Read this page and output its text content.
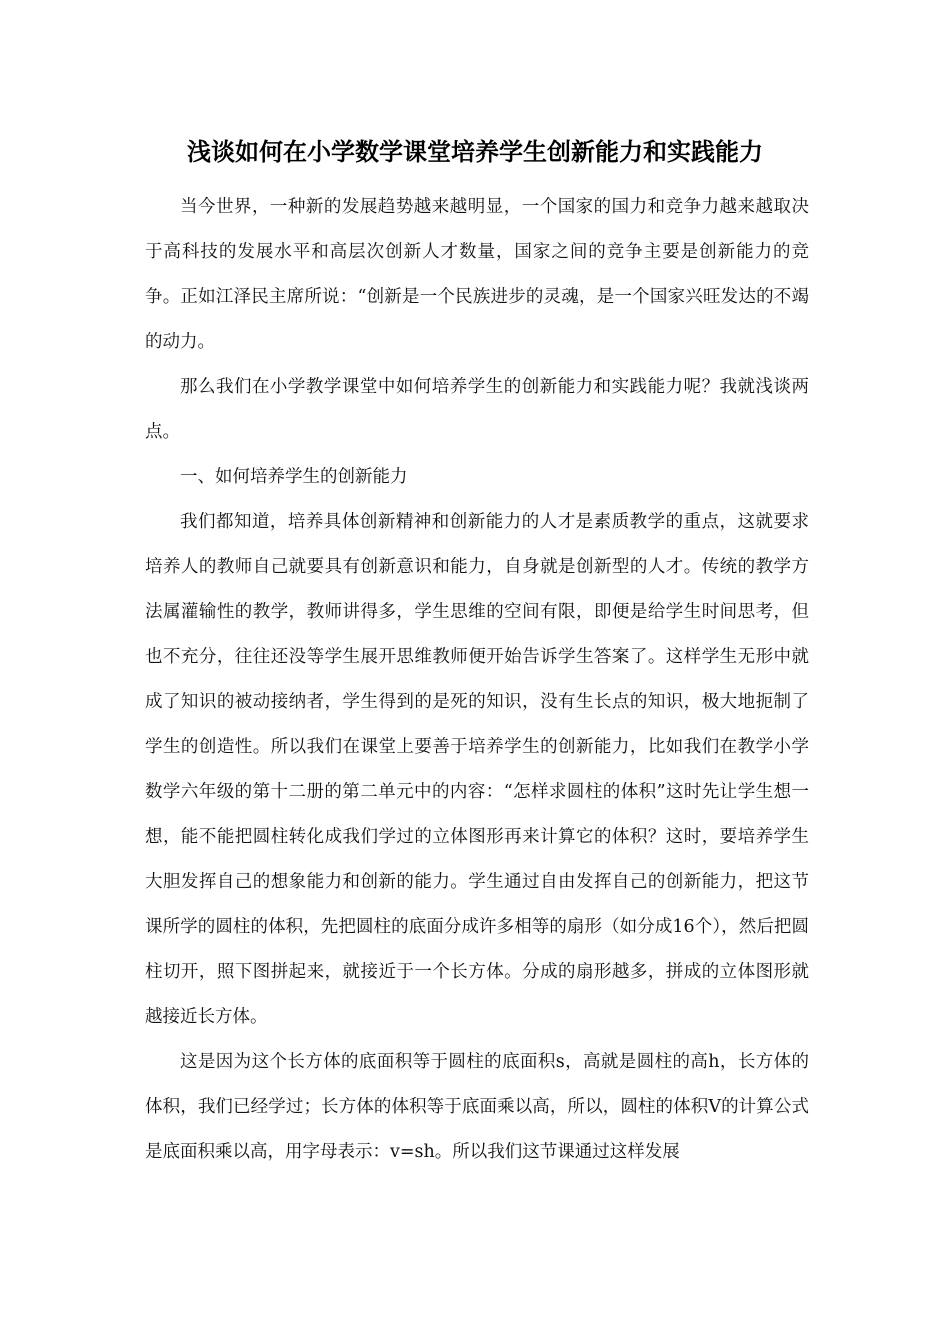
浅谈如何在小学数学课堂培养学生创新能力和实践能力

当今世界，一种新的发展趋势越来越明显，一个国家的国力和竞争力越来越取决于高科技的发展水平和高层次创新人才数量，国家之间的竞争主要是创新能力的竞争。正如江泽民主席所说：“创新是一个民族进步的灵魂，是一个国家兴旺发达的不竭的动力。

那么我们在小学教学课堂中如何培养学生的创新能力和实践能力呢？我就浅谈两点。

一、如何培养学生的创新能力

我们都知道，培养具体创新精神和创新能力的人才是素质教学的重点，这就要求培养人的教师自己就要具有创新意识和能力，自身就是创新型的人才。传统的教学方法属灌输性的教学，教师讲得多，学生思维的空间有限，即便是给学生时间思考，但也不充分，往往还没等学生展开思维教师便开始告诉学生答案了。这样学生无形中就成了知识的被动接纳者，学生得到的是死的知识，没有生长点的知识，极大地扼制了学生的创造性。所以我们在课堂上要善于培养学生的创新能力，比如我们在教学小学数学六年级的第十二册的第二单元中的内容：“怎样求圆柱的体积”这时先让学生想一想，能不能把圆柱转化成我们学过的立体图形再来计算它的体积？这时，要培养学生大胆发挥自己的想象能力和创新的能力。学生通过自由发挥自己的创新能力，把这节课所学的圆柱的体积，先把圆柱的底面分成许多相等的扇形（如分成16个），然后把圆柱切开，照下图拼起来，就接近于一个长方体。分成的扇形越多，拼成的立体图形就越接近长方体。

这是因为这个长方体的底面积等于圆柱的底面积s，高就是圆柱的高h，长方体的体积，我们已经学过；长方体的体积等于底面乘以高，所以，圆柱的体积V的计算公式是底面积乘以高，用字母表示：v=sh。所以我们这节课通过这样发展
